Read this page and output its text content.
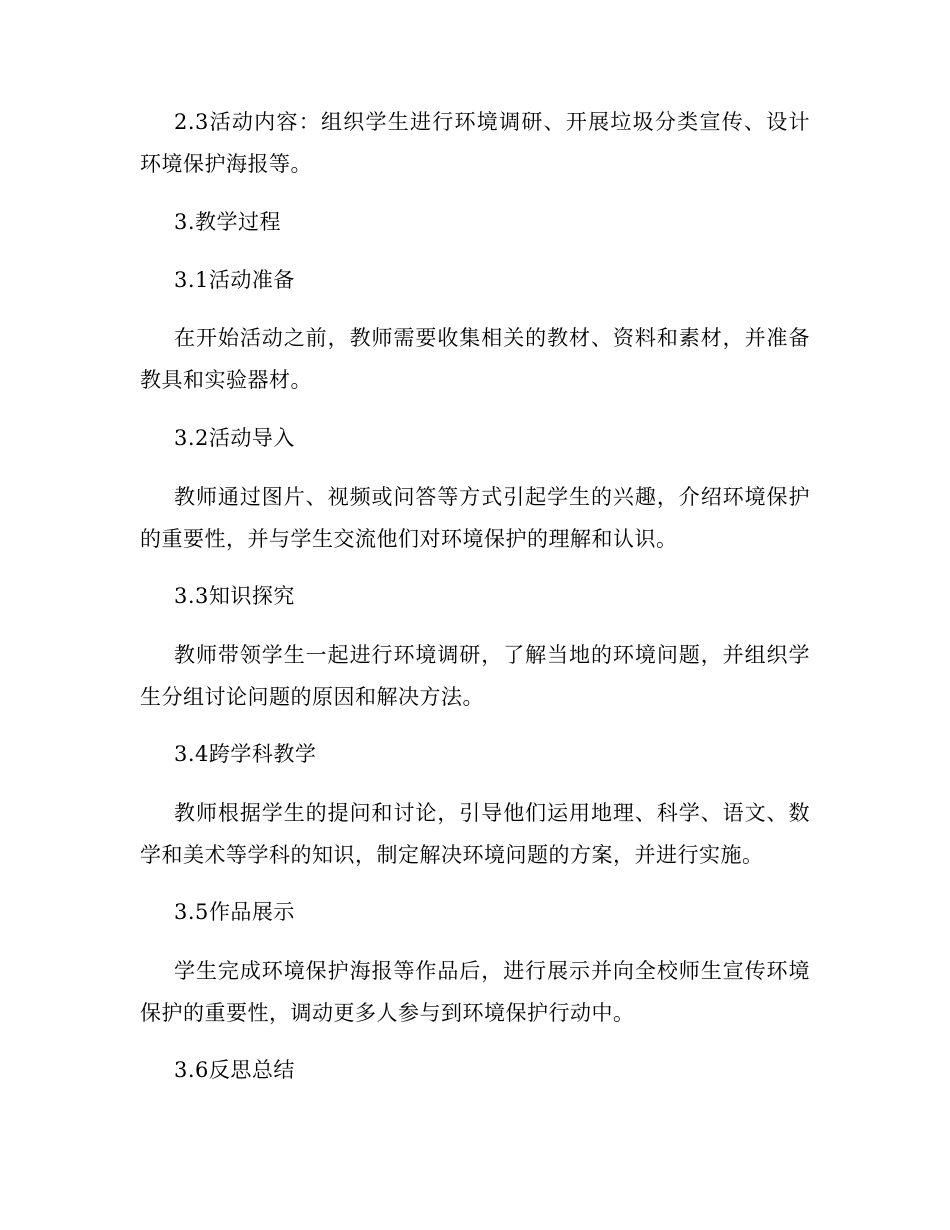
2.3活动内容：组织学生进行环境调研、开展垃圾分类宣传、设计环境保护海报等。

3.教学过程

3.1活动准备

在开始活动之前，教师需要收集相关的教材、资料和素材，并准备教具和实验器材。

3.2活动导入

教师通过图片、视频或问答等方式引起学生的兴趣，介绍环境保护的重要性，并与学生交流他们对环境保护的理解和认识。

3.3知识探究

教师带领学生一起进行环境调研，了解当地的环境问题，并组织学生分组讨论问题的原因和解决方法。

3.4跨学科教学

教师根据学生的提问和讨论，引导他们运用地理、科学、语文、数学和美术等学科的知识，制定解决环境问题的方案，并进行实施。

3.5作品展示

学生完成环境保护海报等作品后，进行展示并向全校师生宣传环境保护的重要性，调动更多人参与到环境保护行动中。

3.6反思总结
